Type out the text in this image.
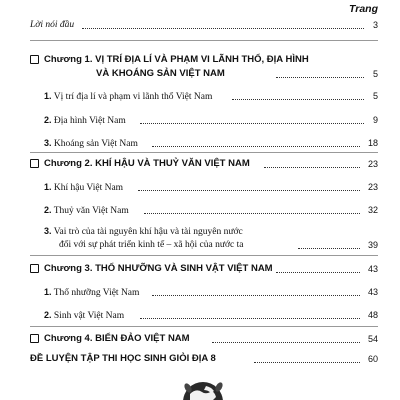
Trang
Lời nói đầu	3
Chương 1. VỊ TRÍ ĐỊA LÍ VÀ PHẠM VI LÃNH THỔ, ĐỊA HÌNH
VÀ KHOÁNG SẢN VIỆT NAM	5
1. Vị trí địa lí và phạm vi lãnh thổ Việt Nam	5
2. Địa hình Việt Nam	9
3. Khoáng sản Việt Nam	18
Chương 2. KHÍ HẬU VÀ THUỶ VĂN VIỆT NAM	23
1. Khí hậu Việt Nam	23
2. Thuỷ văn Việt Nam	32
3. Vai trò của tài nguyên khí hậu và tài nguyên nước
đối với sự phát triển kinh tế – xã hội của nước ta	39
Chương 3. THỔ NHƯỠNG VÀ SINH VẬT VIỆT NAM	43
1. Thổ nhưỡng Việt Nam	43
2. Sinh vật Việt Nam	48
Chương 4. BIỂN ĐẢO VIỆT NAM	54
ĐỀ LUYỆN TẬP THI HỌC SINH GIỎI ĐỊA 8	60
